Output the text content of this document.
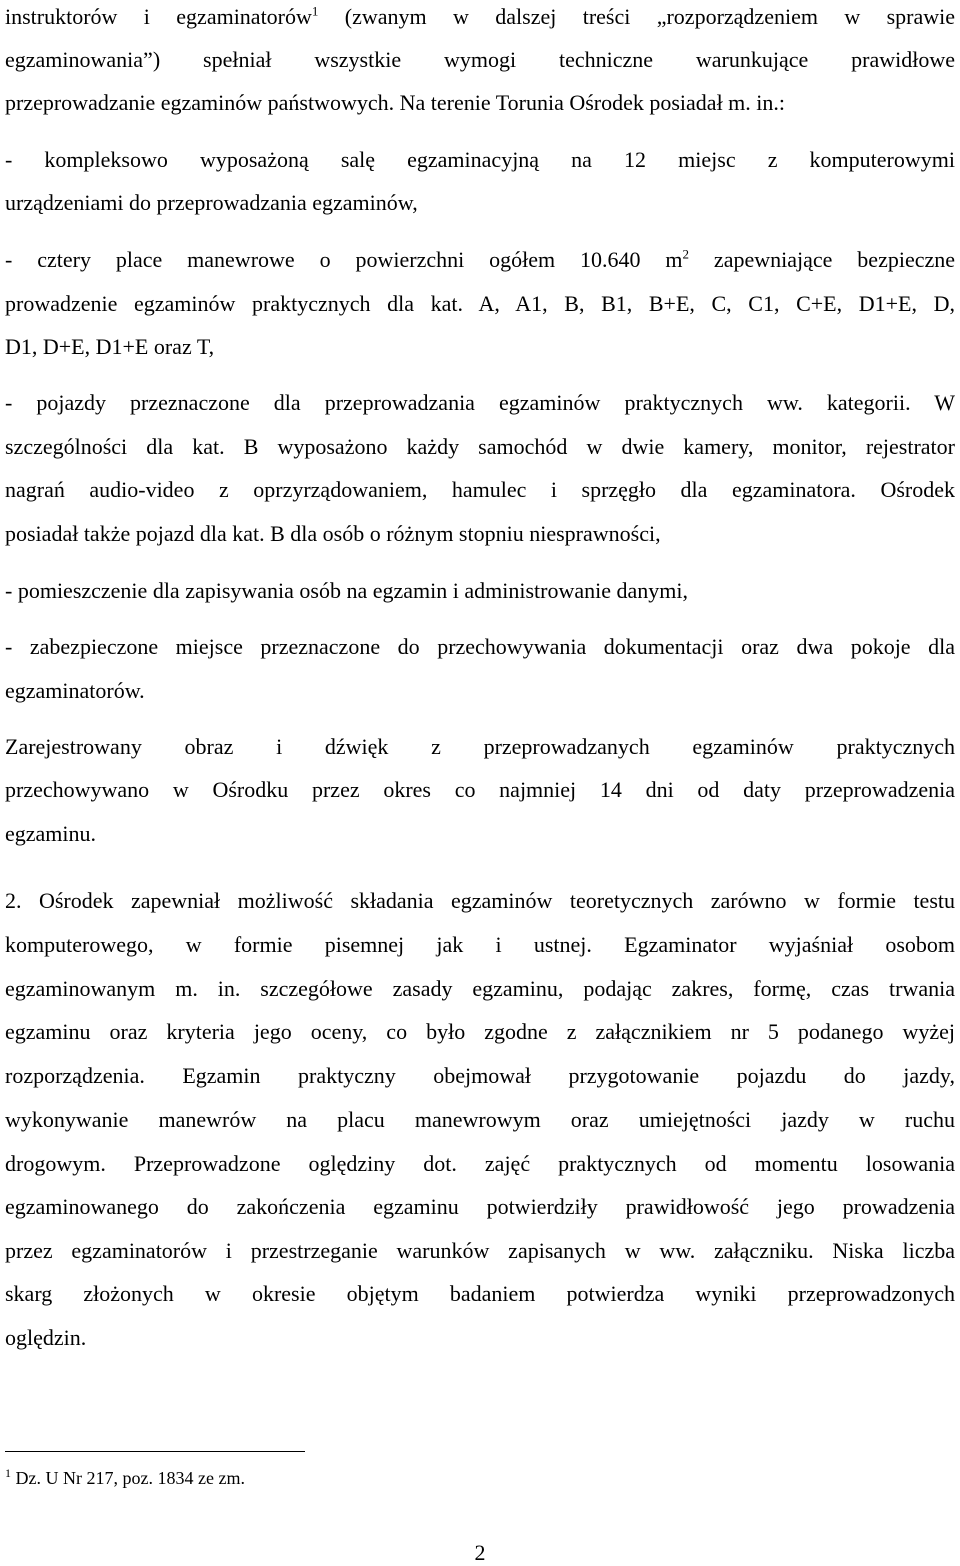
instruktorów i egzaminatorów$^1$ (zwanym w dalszej treści „rozporządzeniem w sprawie
egzaminowania”) spełniał wszystkie wymogi techniczne warunkujące prawidłowe
przeprowadzanie egzaminów państwowych. Na terenie Torunia Ośrodek posiadał m. in.:
- kompleksowo wyposażoną salę egzaminacyjną na 12 miejsc z komputerowymi
urządzeniami do przeprowadzania egzaminów,
- cztery place manewrowe o powierzchni ogółem 10.640 $m^2$ zapewniające bezpieczne
prowadzenie egzaminów praktycznych dla kat. A, A1, B, B1, B+E, C, C1, C+E, D1+E, D,
D1, D+E, D1+E oraz T,
- pojazdy przeznaczone dla przeprowadzania egzaminów praktycznych ww. kategorii. W
szczególności dla kat. B wyposażono każdy samochód w dwie kamery, monitor, rejestrator
nagrań audio-video z oprzyrządowaniem, hamulec i sprzęgło dla egzaminatora. Ośrodek
posiadał także pojazd dla kat. B dla osób o różnym stopniu niesprawności,
- pomieszczenie dla zapisywania osób na egzamin i administrowanie danymi,
- zabezpieczone miejsce przeznaczone do przechowywania dokumentacji oraz dwa pokoje dla
egzaminatorów.
Zarejestrowany obraz i dźwięk z przeprowadzanych egzaminów praktycznych
przechowywano w Ośrodku przez okres co najmniej 14 dni od daty przeprowadzenia
egzaminu.
2. Ośrodek zapewniał możliwość składania egzaminów teoretycznych zarówno w formie testu
komputerowego, w formie pisemnej jak i ustnej. Egzaminator wyjaśniał osobom
egzaminowanym m. in. szczegółowe zasady egzaminu, podając zakres, formę, czas trwania
egzaminu oraz kryteria jego oceny, co było zgodne z załącznikiem nr 5 podanego wyżej
rozporządzenia. Egzamin praktyczny obejmował przygotowanie pojazdu do jazdy,
wykonywanie manewrów na placu manewrowym oraz umiejętności jazdy w ruchu
drogowym. Przeprowadzone oględziny dot. zajęć praktycznych od momentu losowania
egzaminowanego do zakończenia egzaminu potwierdziły prawidłowość jego prowadzenia
przez egzaminatorów i przestrzeganie warunków zapisanych w ww. załączniku. Niska liczba
skarg złożonych w okresie objętym badaniem potwierdza wyniki przeprowadzonych
oględzin.
$^1$ Dz. U Nr 217, poz. 1834 ze zm.
2
